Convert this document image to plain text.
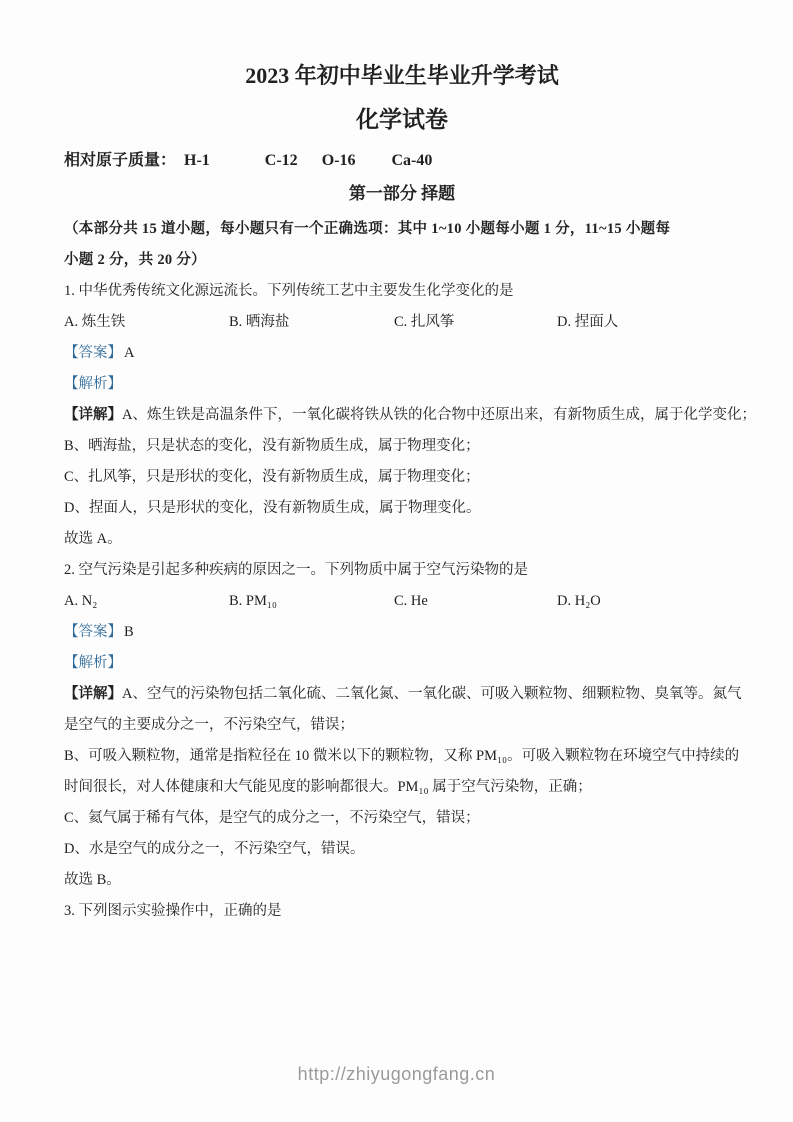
2023 年初中毕业生毕业升学考试
化学试卷
相对原子质量： H-1	C-12 O-16 Ca-40
第一部分 择题
（本部分共 15 道小题，每小题只有一个正确选项：其中 1~10 小题每小题 1 分，11~15 小题每
小题 2 分，共 20 分）
1. 中华优秀传统文化源远流长。下列传统工艺中主要发生化学变化的是
A. 炼生铁	B. 晒海盐	C. 扎风筝	D. 捏面人
【答案】 A
【解析】
【详解】A、炼生铁是高温条件下，一氧化碳将铁从铁的化合物中还原出来，有新物质生成，属于化学变化；
B、晒海盐，只是状态的变化，没有新物质生成，属于物理变化；
C、扎风筝，只是形状的变化，没有新物质生成，属于物理变化；
D、捏面人，只是形状的变化，没有新物质生成，属于物理变化。
故选 A。
2. 空气污染是引起多种疾病的原因之一。下列物质中属于空气污染物的是
A. N₂	B. PM₁₀	C. He	D. H₂O
【答案】 B
【解析】
【详解】A、空气的污染物包括二氧化硫、二氧化氮、一氧化碳、可吸入颗粒物、细颗粒物、臭氧等。氮气
是空气的主要成分之一，不污染空气，错误；
B、可吸入颗粒物，通常是指粒径在 10 微米以下的颗粒物，又称 PM₁₀。可吸入颗粒物在环境空气中持续的
时间很长，对人体健康和大气能见度的影响都很大。PM₁₀ 属于空气污染物，正确；
C、氦气属于稀有气体，是空气的成分之一，不污染空气，错误；
D、水是空气的成分之一，不污染空气，错误。
故选 B。
3. 下列图示实验操作中，正确的是
http://zhiyugongfang.cn
